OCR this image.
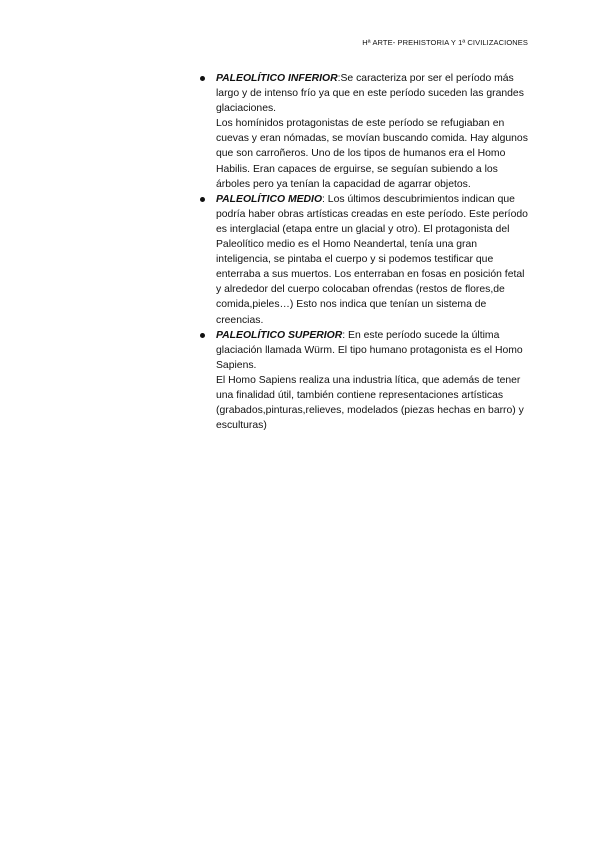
Hª ARTE- PREHISTORIA Y 1ª CIVILIZACIONES

PALEOLÍTICO INFERIOR:Se caracteriza por ser el período más largo y de intenso frío ya que en este período suceden las grandes glaciaciones.

Los homínidos protagonistas de este período se refugiaban en cuevas y eran nómadas, se movían buscando comida. Hay algunos que son carroñeros. Uno de los tipos de humanos era el Homo Habilis. Eran capaces de erguirse, se seguían subiendo a los árboles pero ya tenían la capacidad de agarrar objetos.

PALEOLÍTICO MEDIO: Los últimos descubrimientos indican que podría haber obras artísticas creadas en este período. Este período es interglacial (etapa entre un glacial y otro). El protagonista del Paleolítico medio es el Homo Neandertal, tenía una gran inteligencia, se pintaba el cuerpo y si podemos testificar que enterraba a sus muertos. Los enterraban en fosas en posición fetal y alrededor del cuerpo colocaban ofrendas (restos de flores,de comida,pieles…) Esto nos indica que tenían un sistema de creencias.

PALEOLÍTICO SUPERIOR: En este período sucede la última glaciación llamada Würm. El tipo humano protagonista es el Homo Sapiens.

El Homo Sapiens realiza una industria lítica, que además de tener una finalidad útil, también contiene representaciones artísticas (grabados,pinturas,relieves, modelados (piezas hechas en barro) y esculturas)
